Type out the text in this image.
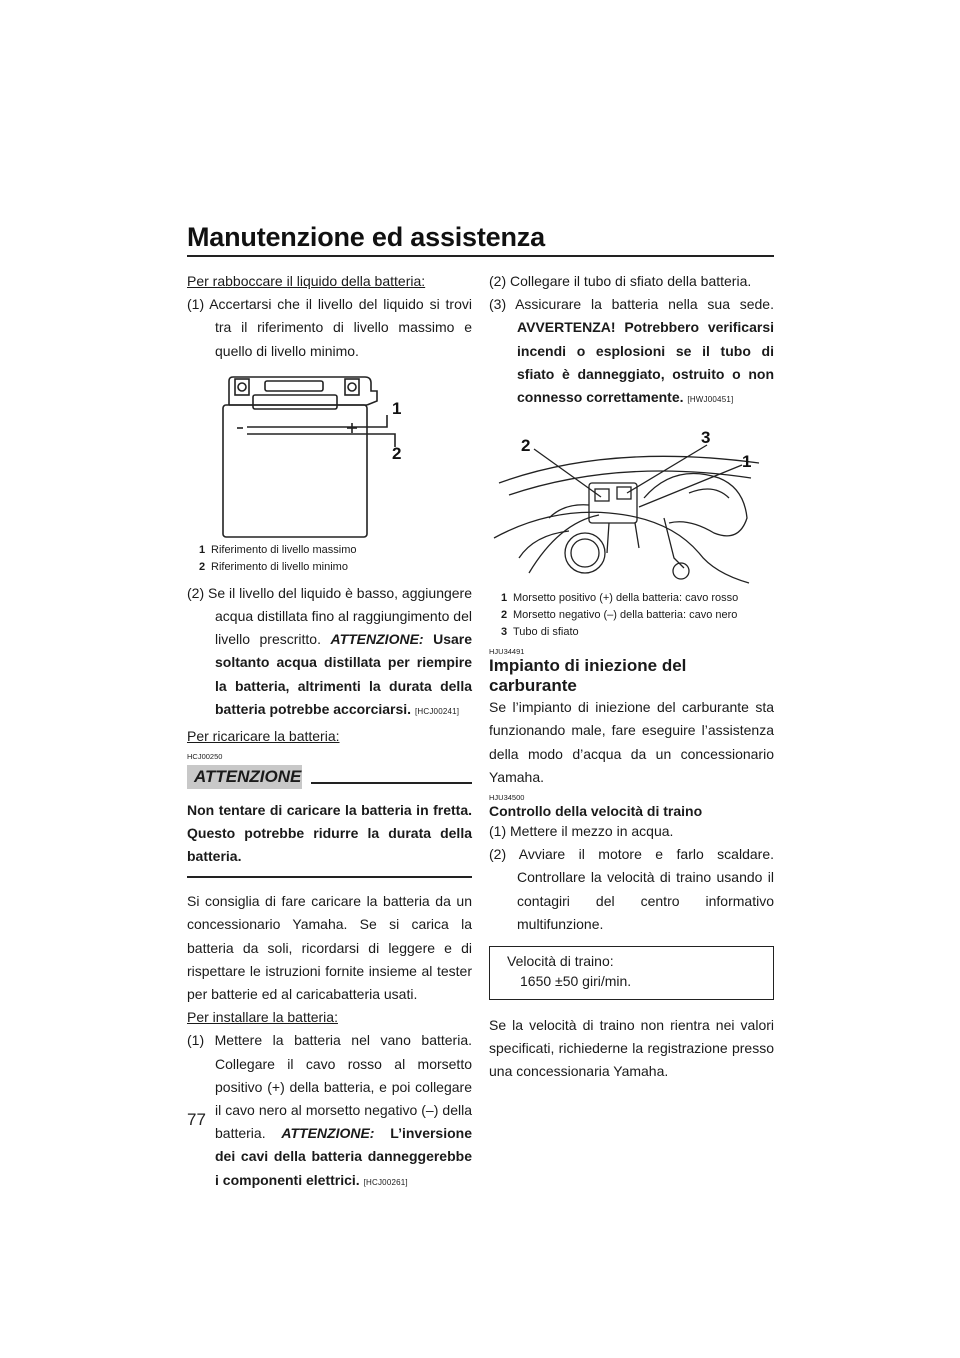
Manutenzione ed assistenza

Per rabboccare il liquido della batteria:

(1) Accertarsi che il livello del liquido si trovi tra il riferimento di livello massimo e quello di livello minimo.

1
2
1 Riferimento di livello massimo
2 Riferimento di livello minimo

(2) Se il livello del liquido è basso, aggiungere acqua distillata fino al raggiungimento del livello prescritto. ATTENZIONE: Usare soltanto acqua distillata per riempire la batteria, altrimenti la durata della batteria potrebbe accorciarsi. [HCJ00241]

Per ricaricare la batteria:

HCJ00250
ATTENZIONE

Non tentare di caricare la batteria in fretta. Questo potrebbe ridurre la durata della batteria.

Si consiglia di fare caricare la batteria da un concessionario Yamaha. Se si carica la batteria da soli, ricordarsi di leggere e di rispettare le istruzioni fornite insieme al tester per batterie ed al caricabatteria usati.

Per installare la batteria:

(1) Mettere la batteria nel vano batteria. Collegare il cavo rosso al morsetto positivo (+) della batteria, e poi collegare il cavo nero al morsetto negativo (–) della batteria. ATTENZIONE: L’inversione dei cavi della batteria danneggerebbe i componenti elettrici. [HCJ00261]

(2) Collegare il tubo di sfiato della batteria.

(3) Assicurare la batteria nella sua sede. AVVERTENZA! Potrebbero verificarsi incendi o esplosioni se il tubo di sfiato è danneggiato, ostruito o non connesso correttamente. [HWJ00451]

2	3
1
1 Morsetto positivo (+) della batteria: cavo rosso
2 Morsetto negativo (–) della batteria: cavo nero
3 Tubo di sfiato
HJU34491
Impianto di iniezione del carburante

Se l’impianto di iniezione del carburante sta funzionando male, fare eseguire l’assistenza della modo d’acqua da un concessionario Yamaha.

HJU34500
Controllo della velocità di traino

(1) Mettere il mezzo in acqua.

(2) Avviare il motore e farlo scaldare. Controllare la velocità di traino usando il contagiri del centro informativo multifunzione.

Velocità di traino:
1650 ±50 giri/min.

Se la velocità di traino non rientra nei valori specificati, richiederne la registrazione presso una concessionaria Yamaha.

77
